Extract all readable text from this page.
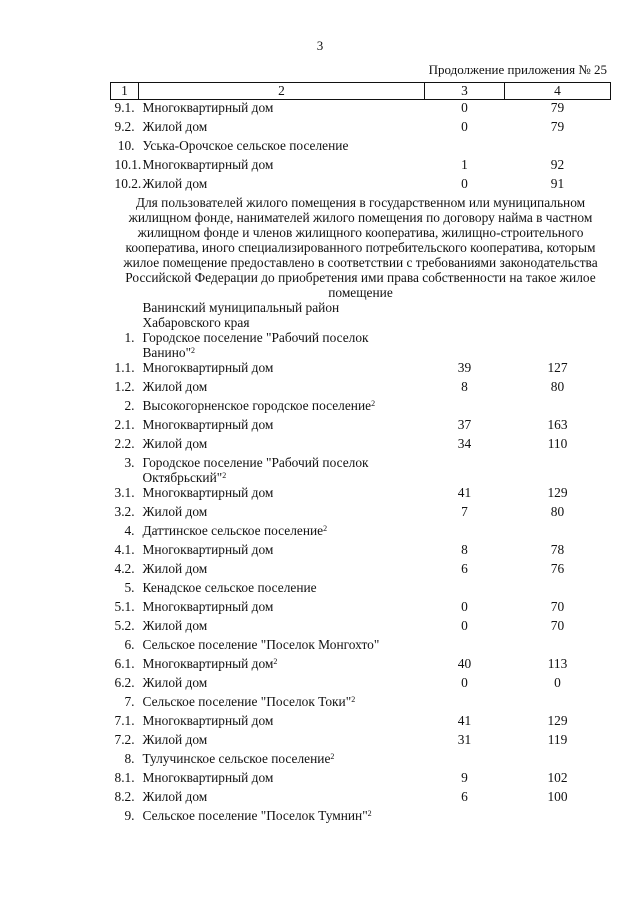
3
Продолжение приложения № 25
1	2	3	4
9.1.	Многоквартирный дом	0	79
9.2.	Жилой дом	0	79
10.	Уська-Орочское сельское поселение		
10.1.	Многоквартирный дом	1	92
10.2.	Жилой дом	0	91
Для пользователей жилого помещения в государственном или муниципальном жилищном фонде, нанимателей жилого помещения по договору найма в частном жилищном фонде и членов жилищного кооператива, жилищно-строительного кооператива, иного специализированного потребительского кооператива, которым жилое помещение предоставлено в соответствии с требованиями законодательства Российской Федерации до приобретения ими права собственности на такое жилое помещение			
	Ванинский муниципальный район Хабаровского края		
1.	Городское поселение "Рабочий поселок Ванино"$^2$		
1.1.	Многоквартирный дом	39	127
1.2.	Жилой дом	8	80
2.	Высокогорненское городское поселение$^2$		
2.1.	Многоквартирный дом	37	163
2.2.	Жилой дом	34	110
3.	Городское поселение "Рабочий поселок Октябрьский"$^2$		
3.1.	Многоквартирный дом	41	129
3.2.	Жилой дом	7	80
4.	Даттинское сельское поселение$^2$		
4.1.	Многоквартирный дом	8	78
4.2.	Жилой дом	6	76
5.	Кенадское сельское поселение		
5.1.	Многоквартирный дом	0	70
5.2.	Жилой дом	0	70
6.	Сельское поселение "Поселок Монгохто"		
6.1.	Многоквартирный дом$^2$	40	113
6.2.	Жилой дом	0	0
7.	Сельское поселение "Поселок Токи"$^2$		
7.1.	Многоквартирный дом	41	129
7.2.	Жилой дом	31	119
8.	Тулучинское сельское поселение$^2$		
8.1.	Многоквартирный дом	9	102
8.2.	Жилой дом	6	100
9.	Сельское поселение "Поселок Тумнин"$^2$		
